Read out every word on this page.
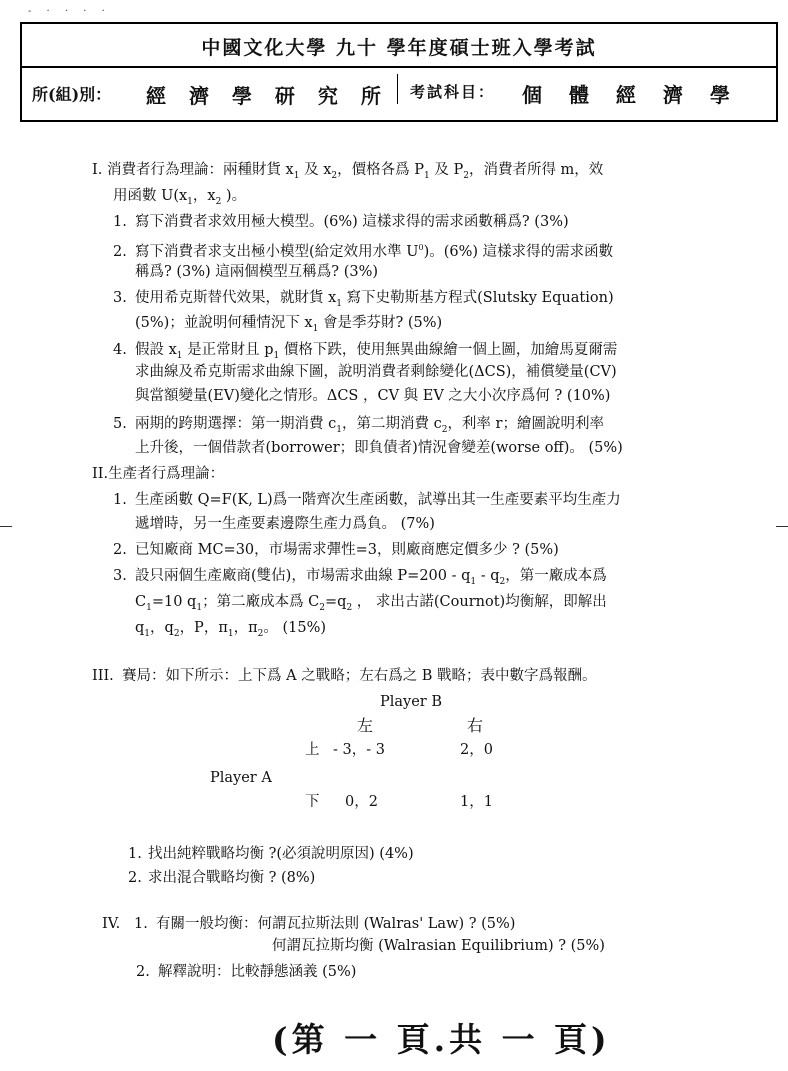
- · · · ·
中國文化大學 九十 學年度碩士班入學考試
所(組)別： 經 濟 學 研 究 所 考試科目： 個 體 經 濟 學
I. 消費者行為理論：兩種財貨 $x_1$ 及 $x_2$，價格各爲 $P_1$ 及 $P_2$，消費者所得 m，效
用函數 $U(x_1$，$x_2$ )。
1. 寫下消費者求效用極大模型。(6%) 這樣求得的需求函數稱爲? (3%)
2. 寫下消費者求支出極小模型(給定效用水準 $U^0$)。(6%) 這樣求得的需求函數
稱爲? (3%) 這兩個模型互稱爲? (3%)
3. 使用希克斯替代效果，就財貨 $x_1$ 寫下史勒斯基方程式(Slutsky Equation)
(5%)；並說明何種情況下 $x_1$ 會是季芬財? (5%)
4. 假設 $x_1$ 是正常財且 $p_1$ 價格下跌，使用無異曲線繪一個上圖，加繪馬夏爾需
求曲線及希克斯需求曲線下圖，說明消費者剩餘變化(ΔCS)，補償變量(CV)
與當額變量(EV)變化之情形。ΔCS ，CV 與 EV 之大小次序爲何 ? (10%)
5. 兩期的跨期選擇：第一期消費 $c_1$，第二期消費 $c_2$，利率 r；繪圖說明利率
上升後，一個借款者(borrower；即負債者)情況會變差(worse off)。 (5%)
II.生產者行爲理論：
1. 生產函數 Q=F(K, L)爲一階齊次生產函數，試導出其一生產要素平均生產力
遞增時，另一生產要素邊際生產力爲負。 (7%)
2. 已知廠商 MC=30，市場需求彈性=3，則廠商應定價多少 ? (5%)
3. 設只兩個生產廠商(雙佔)，市場需求曲線 $P=200 - q_1 - q_2$，第一廠成本爲
$C_1=10$ $q_1$；第二廠成本爲 $C_2=q_2$ ， 求出古諾(Cournot)均衡解，即解出
$q_1$，$q_2$，P，$\pi_1$，$\pi_2$。 (15%)
III. 賽局：如下所示：上下爲 A 之戰略；左右爲之 B 戰略；表中數字爲報酬。
Player B
左	右
上 - 3，- 3	2，0
Player A
下 0，2	1，1
1. 找出純粹戰略均衡 ?(必須說明原因) (4%)
2. 求出混合戰略均衡 ? (8%)
IV. 1. 有關一般均衡：何謂瓦拉斯法則 (Walras' Law) ? (5%)
何謂瓦拉斯均衡 (Walrasian Equilibrium) ? (5%)
2. 解釋說明：比較靜態涵義 (5%)
(第 一 頁.共 一 頁)
